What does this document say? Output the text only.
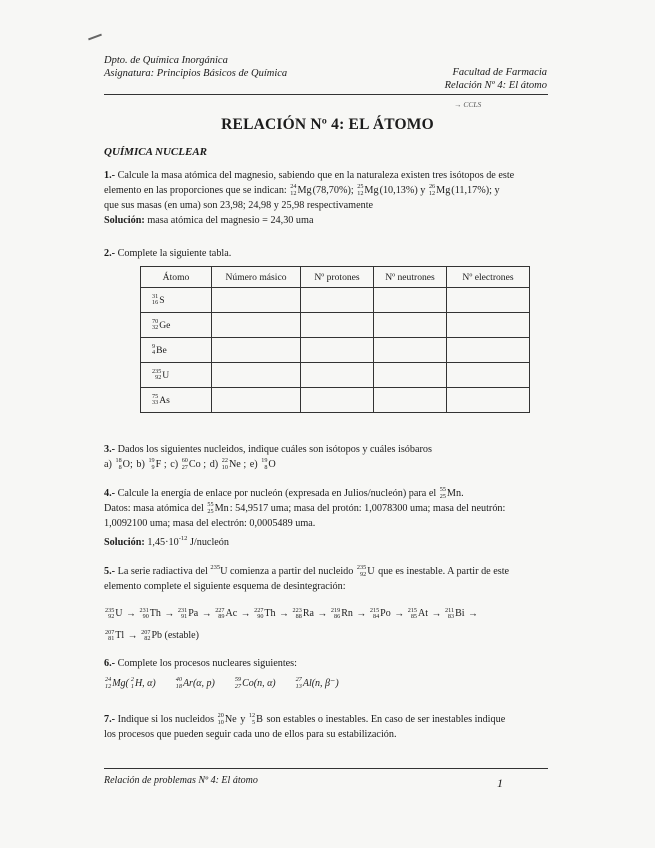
Dpto. de Química Inorgánica
Asignatura: Principios Básicos de Química	Facultad de Farmacia
Relación Nº 4: El átomo
→ CCLS
RELACIÓN Nº 4: EL ÁTOMO
QUÍMICA NUCLEAR
1.- Calcule la masa atómica del magnesio, sabiendo que en la naturaleza existen tres isótopos de este
elemento en las proporciones que se indican: 24
12 Mg(78,70%); 25
12 Mg(10,13%) y 26
12 Mg(11,17%); y
que sus masas (en uma) son 23,98; 24,98 y 25,98 respectivamente
Solución: masa atómica del magnesio = 24,30 uma
2.- Complete la siguiente tabla.
Átomo	Número másico	Nº protones	Nº neutrones	Nº electrones

31
16 S				

70
32 Ge				

9
4 Be				

235
92 U				

75
33 As				
3.- Dados los siguientes nucleidos, indique cuáles son isótopos y cuáles isóbaros
a) 18
8 O; b) 19
9 F ; c) 60
27 Co ; d) 22
10 Ne ; e) 19
8 O
4.- Calcule la energía de enlace por nucleón (expresada en Julios/nucleón) para el 55
25 Mn.
Datos: masa atómica del 55
25 Mn: 54,9517 uma; masa del protón: 1,0078300 uma; masa del neutrón:
1,0092100 uma; masa del electrón: 0,0005489 uma.
Solución: $1,45\cdot 10^{-12}$ J/nucleón
5.- La serie radiactiva del $^{235}$U comienza a partir del nucleido 235
92 U que es inestable. A partir de este
elemento complete el siguiente esquema de desintegración:
235
92 U → 231
90 Th → 231
91 Pa → 227
89 Ac → 227
90 Th → 223
88 Ra → 219
86 Rn → 215
84 Po → 215
85 At → 211
83 Bi →
207
81 Tl → 207
82 Pb (estable)
6.- Complete los procesos nucleares siguientes:
24
12 Mg( 2
1 H, α)	40
18 Ar(α, p)	59
27 Co(n, α)	27
13 Al(n, β⁻)
7.- Indique si los nucleidos 20
10 Ne y 12
5 B son estables o inestables. En caso de ser inestables indique
los procesos que pueden seguir cada uno de ellos para su estabilización.
Relación de problemas Nº 4: El átomo	1
